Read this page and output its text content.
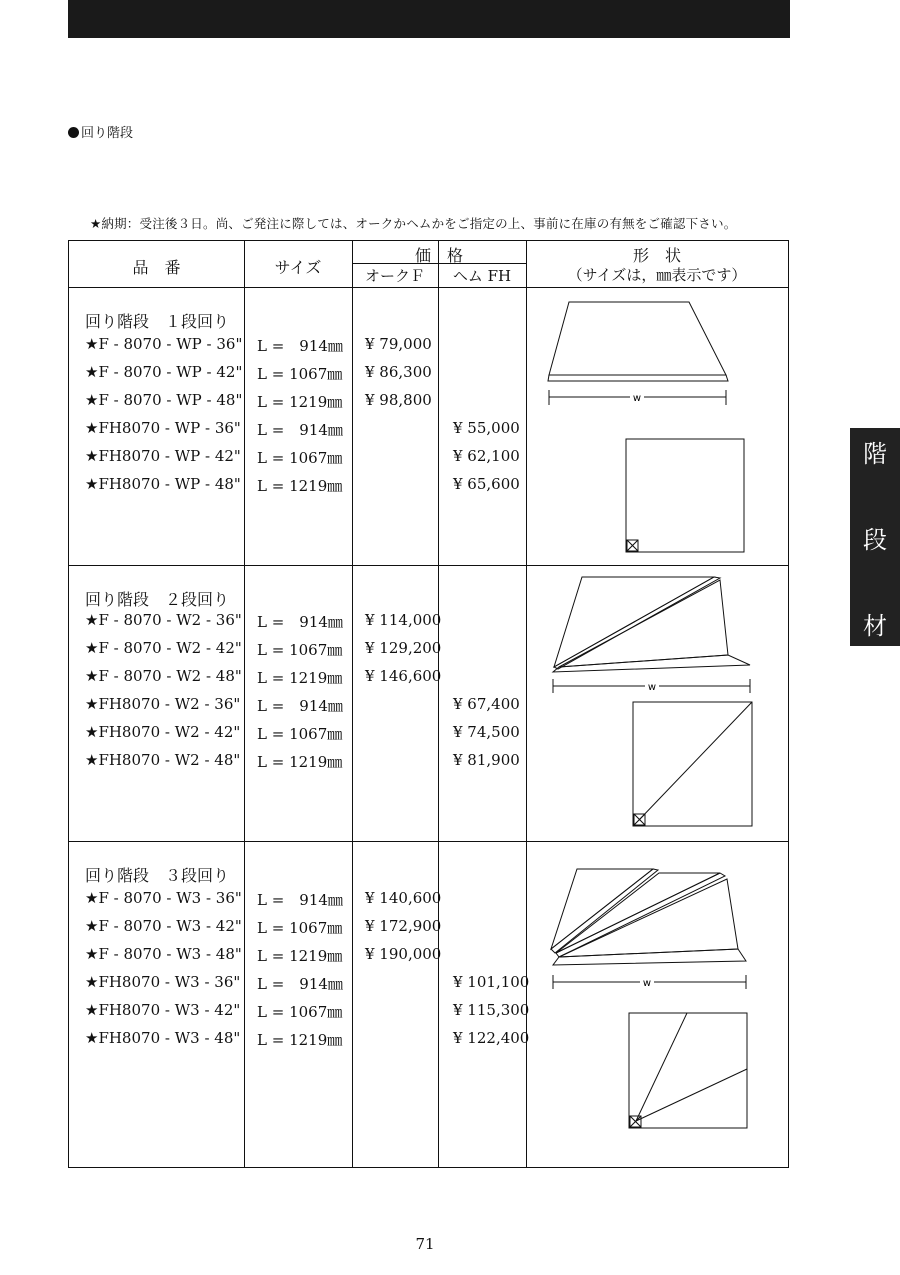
回り階段
★納期：受注後３日。尚、ご発注に際しては、オークかヘムかをご指定の上、事前に在庫の有無をご確認下さい。
品　番	サイズ
価　格
オークＦ	ヘム FH
形　状
（サイズは，㎜表示です）
回り階段　１段回り
★F - 8070 - WP - 36" L =　914㎜ ¥ 79,000
★F - 8070 - WP - 42" L = 1067㎜ ¥ 86,300
★F - 8070 - WP - 48" L = 1219㎜ ¥ 98,800
★FH8070 - WP - 36" L =　914㎜	¥ 55,000
★FH8070 - WP - 42" L = 1067㎜	¥ 62,100
★FH8070 - WP - 48" L = 1219㎜	¥ 65,600
w
回り階段　２段回り
★F - 8070 - W2 - 36" L =　914㎜ ¥ 114,000
★F - 8070 - W2 - 42" L = 1067㎜ ¥ 129,200
★F - 8070 - W2 - 48" L = 1219㎜ ¥ 146,600
★FH8070 - W2 - 36" L =　914㎜	¥ 67,400
★FH8070 - W2 - 42" L = 1067㎜	¥ 74,500
★FH8070 - W2 - 48" L = 1219㎜	¥ 81,900
w
回り階段　３段回り
★F - 8070 - W3 - 36" L =　914㎜ ¥ 140,600
★F - 8070 - W3 - 42" L = 1067㎜ ¥ 172,900
★F - 8070 - W3 - 48" L = 1219㎜ ¥ 190,000
★FH8070 - W3 - 36" L =　914㎜	¥ 101,100
★FH8070 - W3 - 42" L = 1067㎜	¥ 115,300
★FH8070 - W3 - 48" L = 1219㎜	¥ 122,400
w
階
段
材
71
